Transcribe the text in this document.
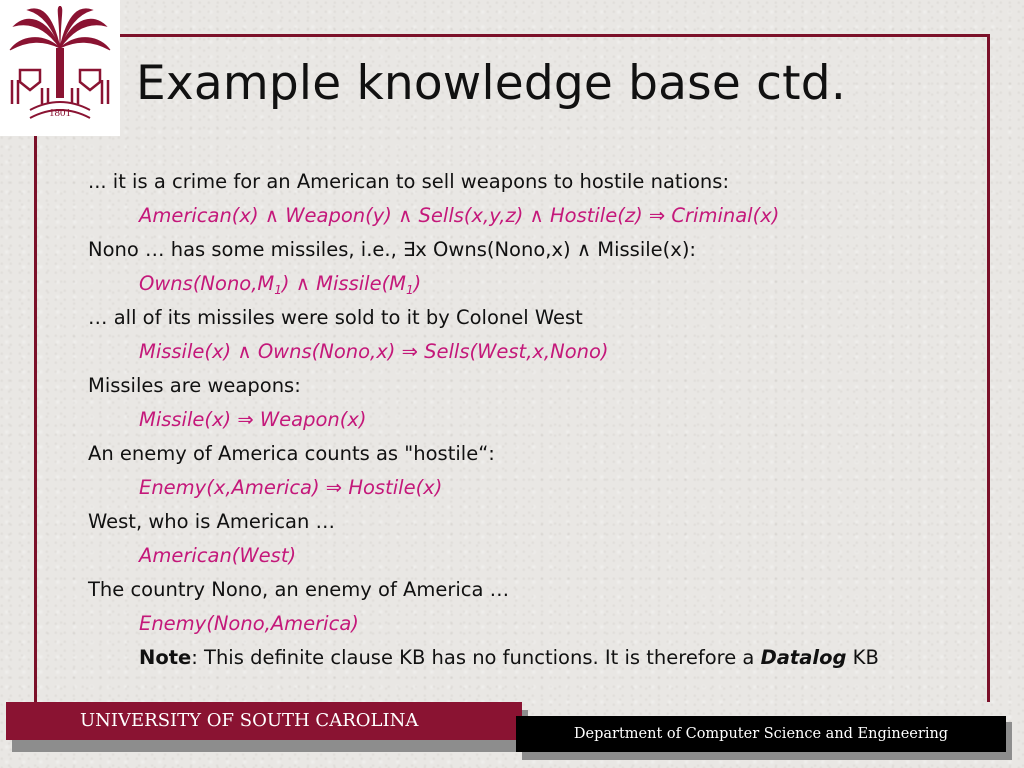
1801
Example knowledge base ctd.
... it is a crime for an American to sell weapons to hostile nations:
American(x) ∧ Weapon(y) ∧ Sells(x,y,z) ∧ Hostile(z) ⇒ Criminal(x)
Nono … has some missiles, i.e., ∃x Owns(Nono,x) ∧ Missile(x):
$Owns(Nono,M_1)$ ∧ $Missile(M_1)$
… all of its missiles were sold to it by Colonel West
Missile(x) ∧ Owns(Nono,x) ⇒ Sells(West,x,Nono)
Missiles are weapons:
Missile(x) ⇒ Weapon(x)
An enemy of America counts as "hostile“:
Enemy(x,America) ⇒ Hostile(x)
West, who is American …
American(West)
The country Nono, an enemy of America …
Enemy(Nono,America)
Note: This definite clause KB has no functions. It is therefore a Datalog KB
UNIVERSITY OF SOUTH CAROLINA
Department of Computer Science and Engineering
